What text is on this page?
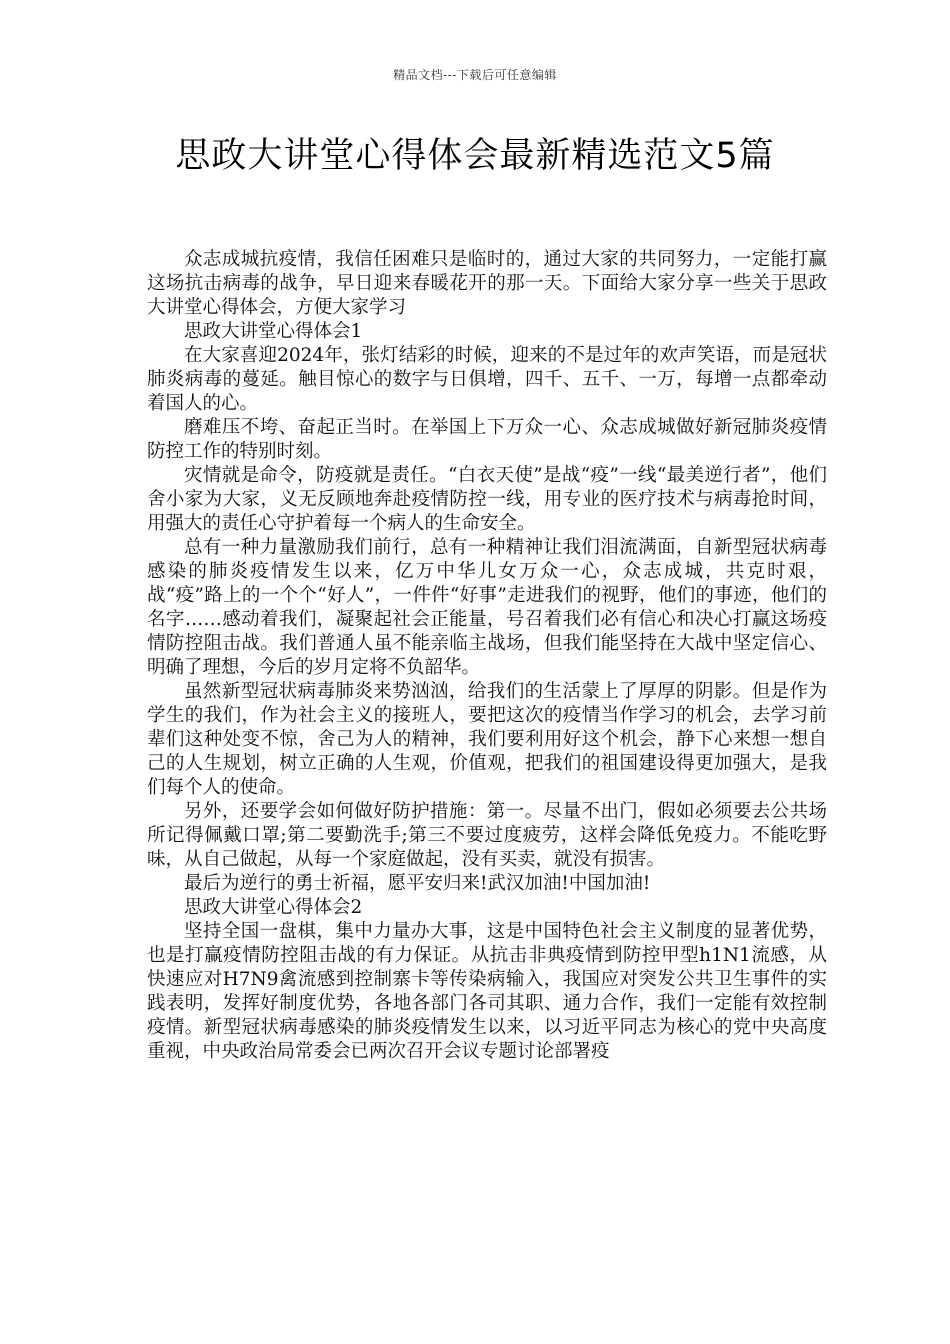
精品文档---下载后可任意编辑
思政大讲堂心得体会最新精选范文5篇

众志成城抗疫情，我信任困难只是临时的，通过大家的共同努力，一定能打赢这场抗击病毒的战争，早日迎来春暖花开的那一天。下面给大家分享一些关于思政大讲堂心得体会，方便大家学习

思政大讲堂心得体会1

在大家喜迎2024年，张灯结彩的时候，迎来的不是过年的欢声笑语，而是冠状肺炎病毒的蔓延。触目惊心的数字与日俱增，四千、五千、一万，每增一点都牵动着国人的心。

磨难压不垮、奋起正当时。在举国上下万众一心、众志成城做好新冠肺炎疫情防控工作的特别时刻。

灾情就是命令，防疫就是责任。“白衣天使”是战“疫”一线“最美逆行者”，他们舍小家为大家，义无反顾地奔赴疫情防控一线，用专业的医疗技术与病毒抢时间，用强大的责任心守护着每一个病人的生命安全。

总有一种力量激励我们前行，总有一种精神让我们泪流满面，自新型冠状病毒感染的肺炎疫情发生以来，亿万中华儿女万众一心，众志成城，共克时艰，战“疫”路上的一个个“好人”，一件件“好事”走进我们的视野，他们的事迹，他们的名字……感动着我们，凝聚起社会正能量，号召着我们必有信心和决心打赢这场疫情防控阻击战。我们普通人虽不能亲临主战场，但我们能坚持在大战中坚定信心、明确了理想，今后的岁月定将不负韶华。

虽然新型冠状病毒肺炎来势汹汹，给我们的生活蒙上了厚厚的阴影。但是作为学生的我们，作为社会主义的接班人，要把这次的疫情当作学习的机会，去学习前辈们这种处变不惊，舍己为人的精神，我们要利用好这个机会，静下心来想一想自己的人生规划，树立正确的人生观，价值观，把我们的祖国建设得更加强大，是我们每个人的使命。

另外，还要学会如何做好防护措施：第一。尽量不出门，假如必须要去公共场所记得佩戴口罩;第二要勤洗手;第三不要过度疲劳，这样会降低免疫力。不能吃野味，从自己做起，从每一个家庭做起，没有买卖，就没有损害。

最后为逆行的勇士祈福，愿平安归来!武汉加油!中国加油!

思政大讲堂心得体会2

坚持全国一盘棋，集中力量办大事，这是中国特色社会主义制度的显著优势，也是打赢疫情防控阻击战的有力保证。从抗击非典疫情到防控甲型h1N1流感，从快速应对H7N9禽流感到控制寨卡等传染病输入，我国应对突发公共卫生事件的实践表明，发挥好制度优势，各地各部门各司其职、通力合作，我们一定能有效控制疫情。新型冠状病毒感染的肺炎疫情发生以来，以习近平同志为核心的党中央高度重视，中央政治局常委会已两次召开会议专题讨论部署疫
